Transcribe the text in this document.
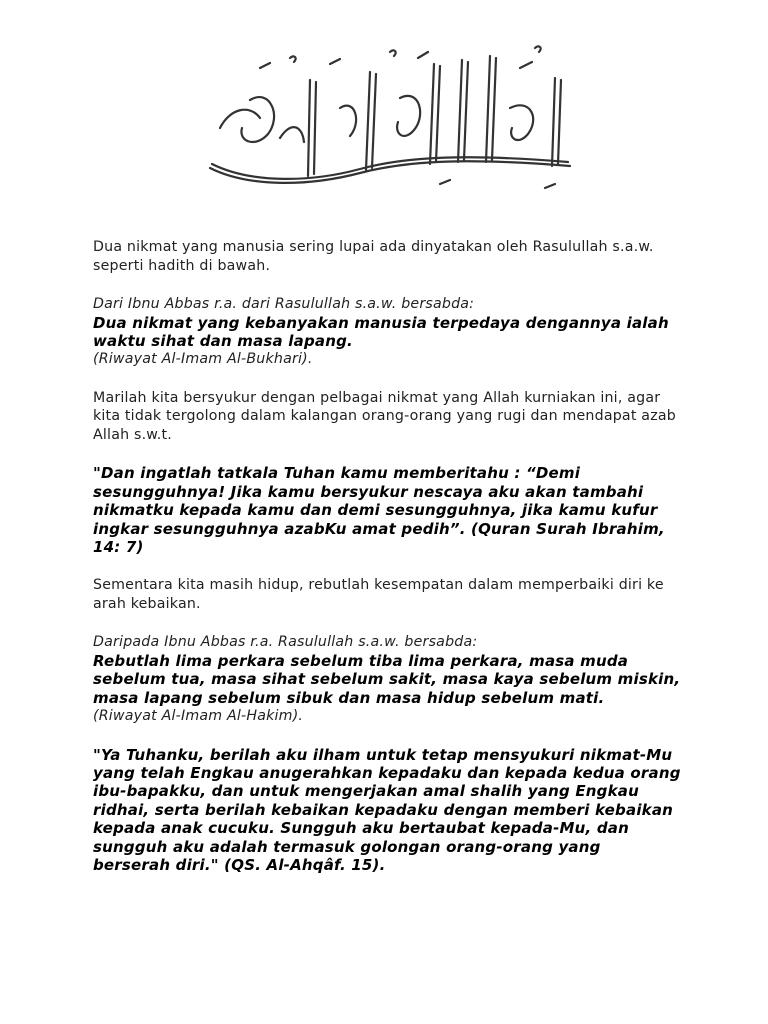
Dua nikmat yang manusia sering lupai ada dinyatakan oleh Rasulullah s.a.w. seperti hadith di bawah.

Dari Ibnu Abbas r.a. dari Rasulullah s.a.w. bersabda:

Dua nikmat yang kebanyakan manusia terpedaya dengannya ialah waktu sihat dan masa lapang.

(Riwayat Al-Imam Al-Bukhari).

Marilah kita bersyukur dengan pelbagai nikmat yang Allah kurniakan ini, agar kita tidak tergolong dalam kalangan orang-orang yang rugi dan mendapat azab Allah s.w.t.

"Dan ingatlah tatkala Tuhan kamu memberitahu : “Demi sesungguhnya! Jika kamu bersyukur nescaya aku akan tambahi nikmatku kepada kamu dan demi sesungguhnya, jika kamu kufur ingkar sesungguhnya azabKu amat pedih”. (Quran Surah Ibrahim, 14: 7)

Sementara kita masih hidup, rebutlah kesempatan dalam memperbaiki diri ke arah kebaikan.

Daripada Ibnu Abbas r.a. Rasulullah s.a.w. bersabda:

Rebutlah lima perkara sebelum tiba lima perkara, masa muda sebelum tua, masa sihat sebelum sakit, masa kaya sebelum miskin, masa lapang sebelum sibuk dan masa hidup sebelum mati.

(Riwayat Al-Imam Al-Hakim).

"Ya Tuhanku, berilah aku ilham untuk tetap mensyukuri nikmat-Mu yang telah Engkau anugerahkan kepadaku dan kepada kedua orang ibu-bapakku, dan untuk mengerjakan amal shalih yang Engkau ridhai, serta berilah kebaikan kepadaku dengan memberi kebaikan kepada anak cucuku. Sungguh aku bertaubat kepada-Mu, dan sungguh aku adalah termasuk golongan orang-orang yang berserah diri." (QS. Al-Ahqâf. 15).
